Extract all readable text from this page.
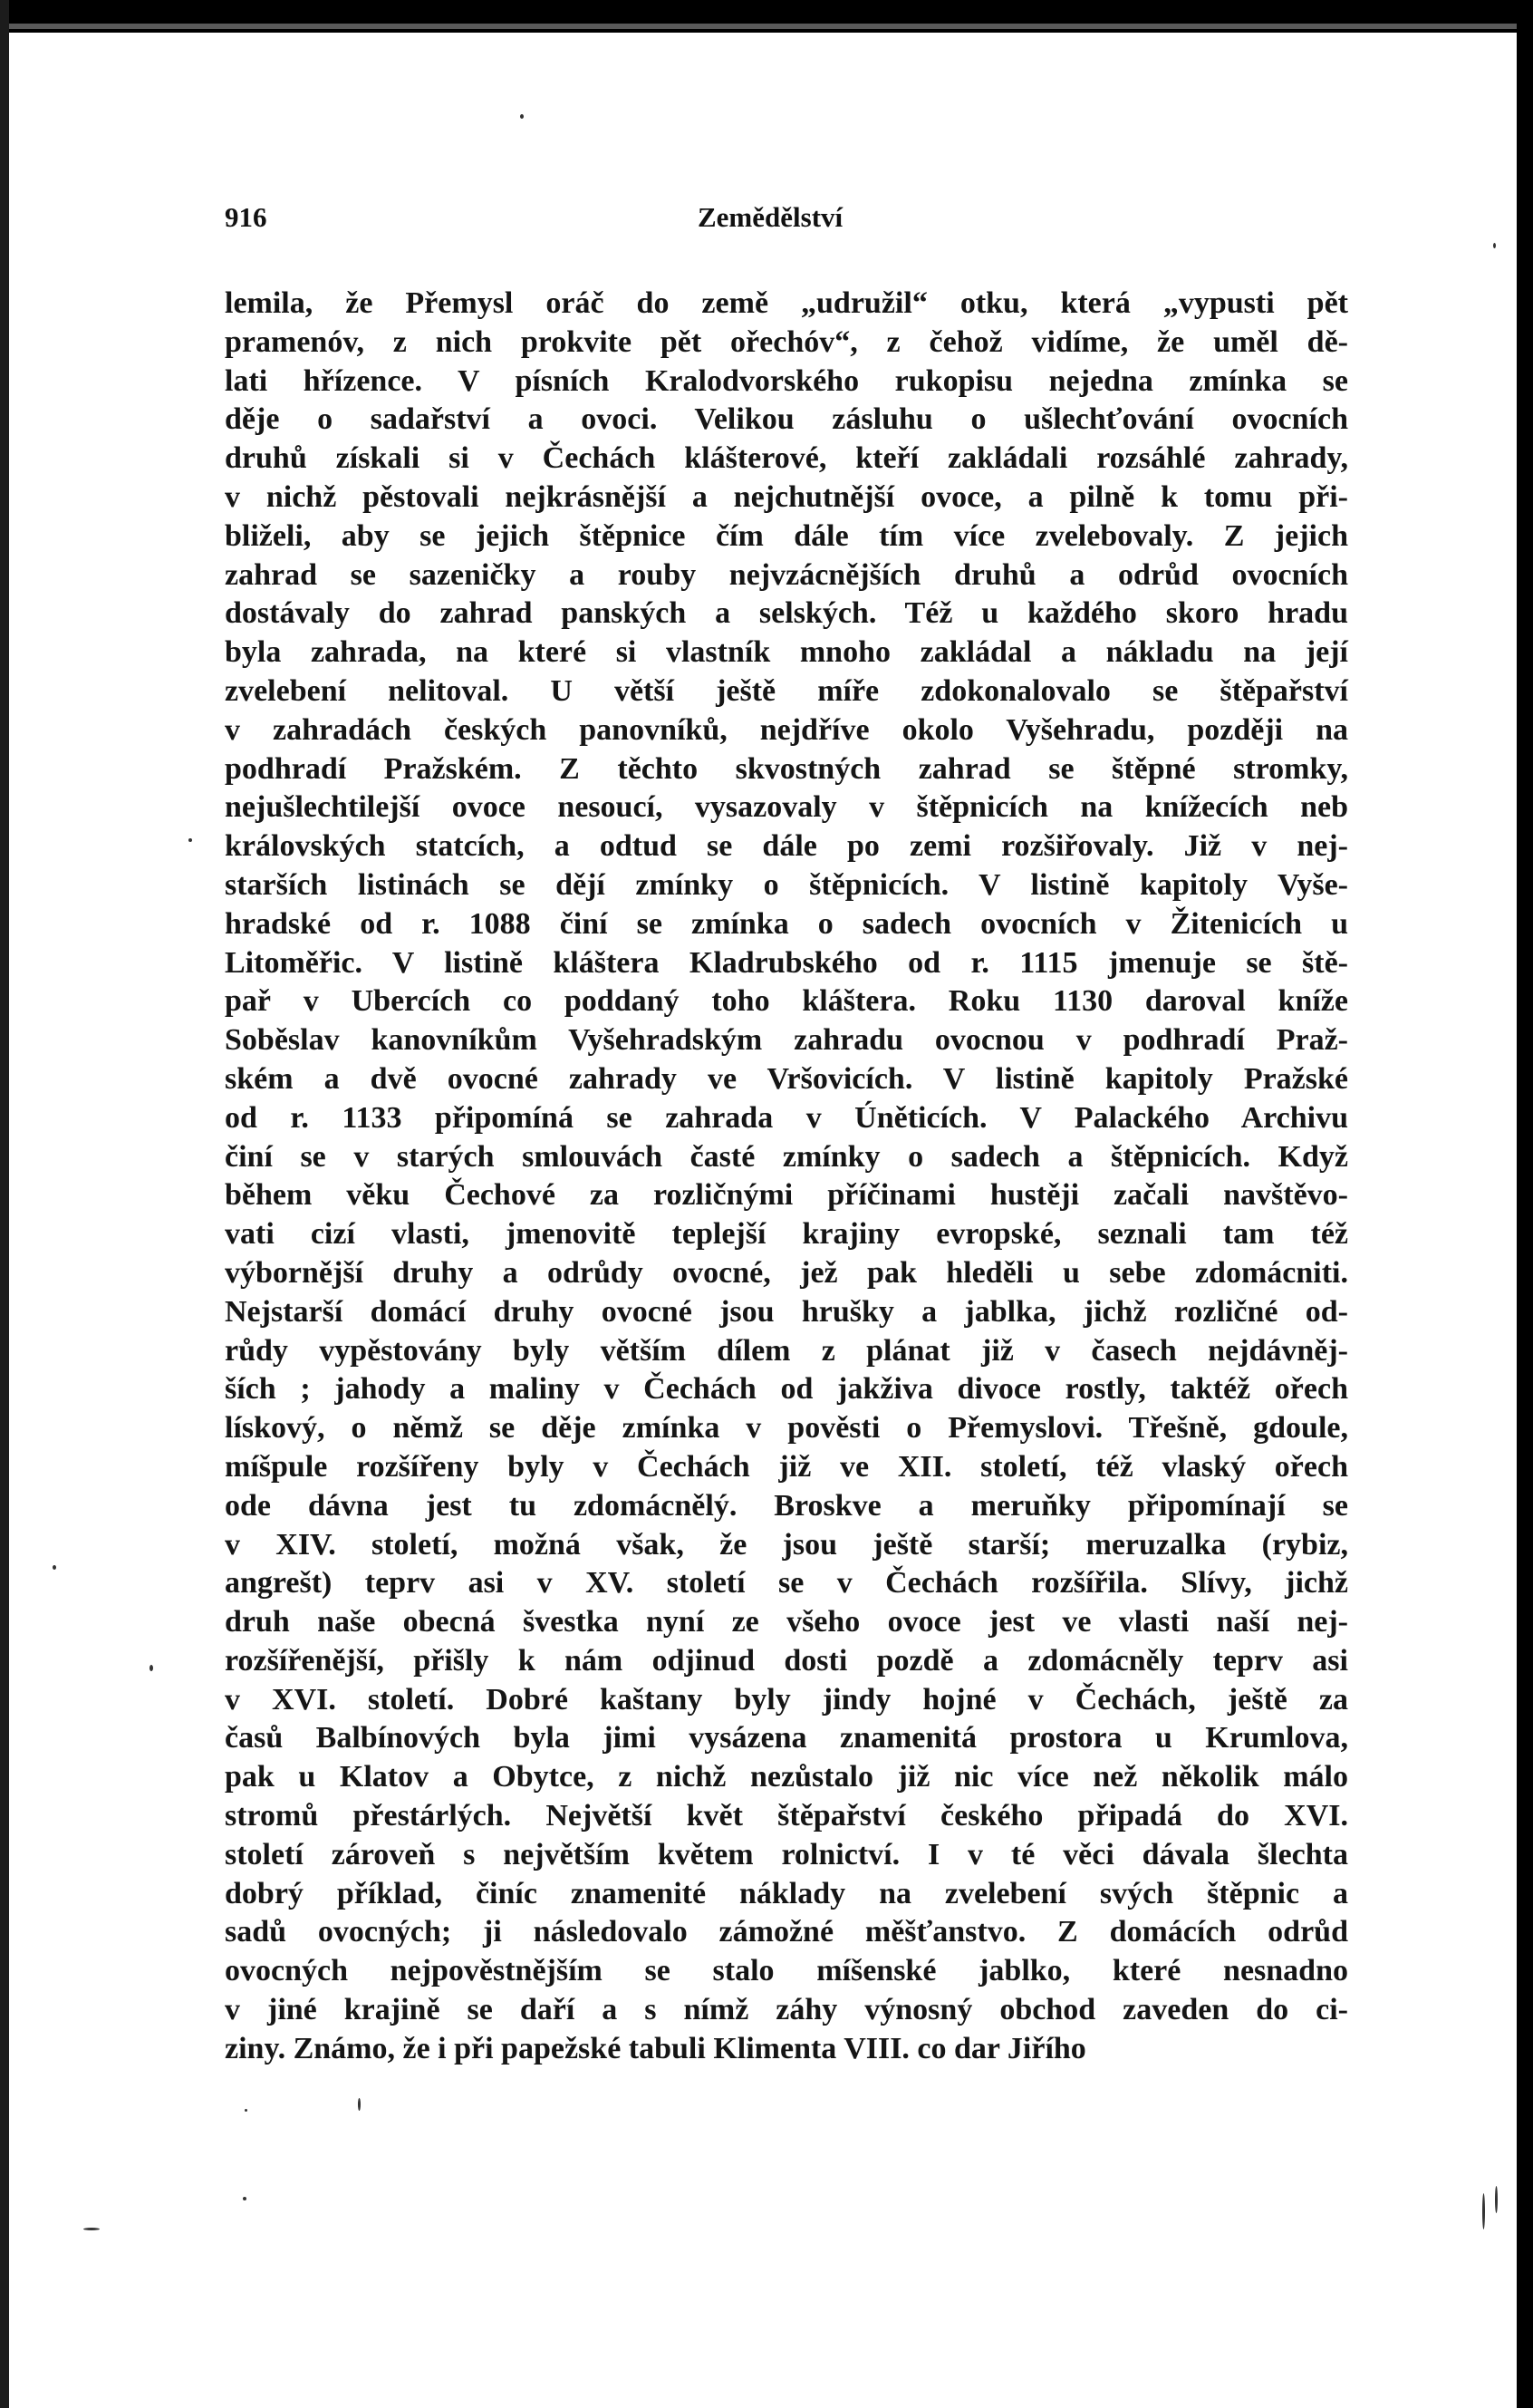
916	Zemědělství
lemila, že Přemysl oráč do země „udružil“ otku, která „vypusti pět
pramenóv, z nich prokvite pět ořechóv“, z čehož vidíme, že uměl dě-
lati hřízence. V písních Kralodvorského rukopisu nejedna zmínka se
děje o sadařství a ovoci. Velikou zásluhu o ušlechťování ovocních
druhů získali si v Čechách klášterové, kteří zakládali rozsáhlé zahrady,
v nichž pěstovali nejkrásnější a nejchutnější ovoce, a pilně k tomu při-
bliželi, aby se jejich štěpnice čím dále tím více zvelebovaly. Z jejich
zahrad se sazeničky a rouby nejvzácnějších druhů a odrůd ovocních
dostávaly do zahrad panských a selských. Též u každého skoro hradu
byla zahrada, na které si vlastník mnoho zakládal a nákladu na její
zvelebení nelitoval. U větší ještě míře zdokonalovalo se štěpařství
v zahradách českých panovníků, nejdříve okolo Vyšehradu, později na
podhradí Pražském. Z těchto skvostných zahrad se štěpné stromky,
nejušlechtilejší ovoce nesoucí, vysazovaly v štěpnicích na knížecích neb
královských statcích, a odtud se dále po zemi rozšiřovaly. Již v nej-
starších listinách se dějí zmínky o štěpnicích. V listině kapitoly Vyše-
hradské od r. 1088 činí se zmínka o sadech ovocních v Žitenicích u
Litoměřic. V listině kláštera Kladrubského od r. 1115 jmenuje se ště-
pař v Ubercích co poddaný toho kláštera. Roku 1130 daroval kníže
Soběslav kanovníkům Vyšehradským zahradu ovocnou v podhradí Praž-
ském a dvě ovocné zahrady ve Vršovicích. V listině kapitoly Pražské
od r. 1133 připomíná se zahrada v Úněticích. V Palackého Archivu
činí se v starých smlouvách časté zmínky o sadech a štěpnicích. Když
během věku Čechové za rozličnými příčinami hustěji začali navštěvo-
vati cizí vlasti, jmenovitě teplejší krajiny evropské, seznali tam též
výbornější druhy a odrůdy ovocné, jež pak hleděli u sebe zdomácniti.
Nejstarší domácí druhy ovocné jsou hrušky a jablka, jichž rozličné od-
růdy vypěstovány byly větším dílem z plánat již v časech nejdávněj-
ších ; jahody a maliny v Čechách od jakživa divoce rostly, taktéž ořech
lískový, o němž se děje zmínka v pověsti o Přemyslovi. Třešně, gdoule,
míšpule rozšířeny byly v Čechách již ve XII. století, též vlaský ořech
ode dávna jest tu zdomácnělý. Broskve a meruňky připomínají se
v XIV. století, možná však, že jsou ještě starší; meruzalka (rybiz,
angrešt) teprv asi v XV. století se v Čechách rozšířila. Slívy, jichž
druh naše obecná švestka nyní ze všeho ovoce jest ve vlasti naší nej-
rozšířenější, přišly k nám odjinud dosti pozdě a zdomácněly teprv asi
v XVI. století. Dobré kaštany byly jindy hojné v Čechách, ještě za
časů Balbínových byla jimi vysázena znamenitá prostora u Krumlova,
pak u Klatov a Obytce, z nichž nezůstalo již nic více než několik málo
stromů přestárlých. Největší květ štěpařství českého připadá do XVI.
století zároveň s největším květem rolnictví. I v té věci dávala šlechta
dobrý příklad, činíc znamenité náklady na zvelebení svých štěpnic a
sadů ovocných; ji následovalo zámožné měšťanstvo. Z domácích odrůd
ovocných nejpověstnějším se stalo míšenské jablko, které nesnadno
v jiné krajině se daří a s nímž záhy výnosný obchod zaveden do ci-
ziny. Známo, že i při papežské tabuli Klimenta VIII. co dar Jiřího
